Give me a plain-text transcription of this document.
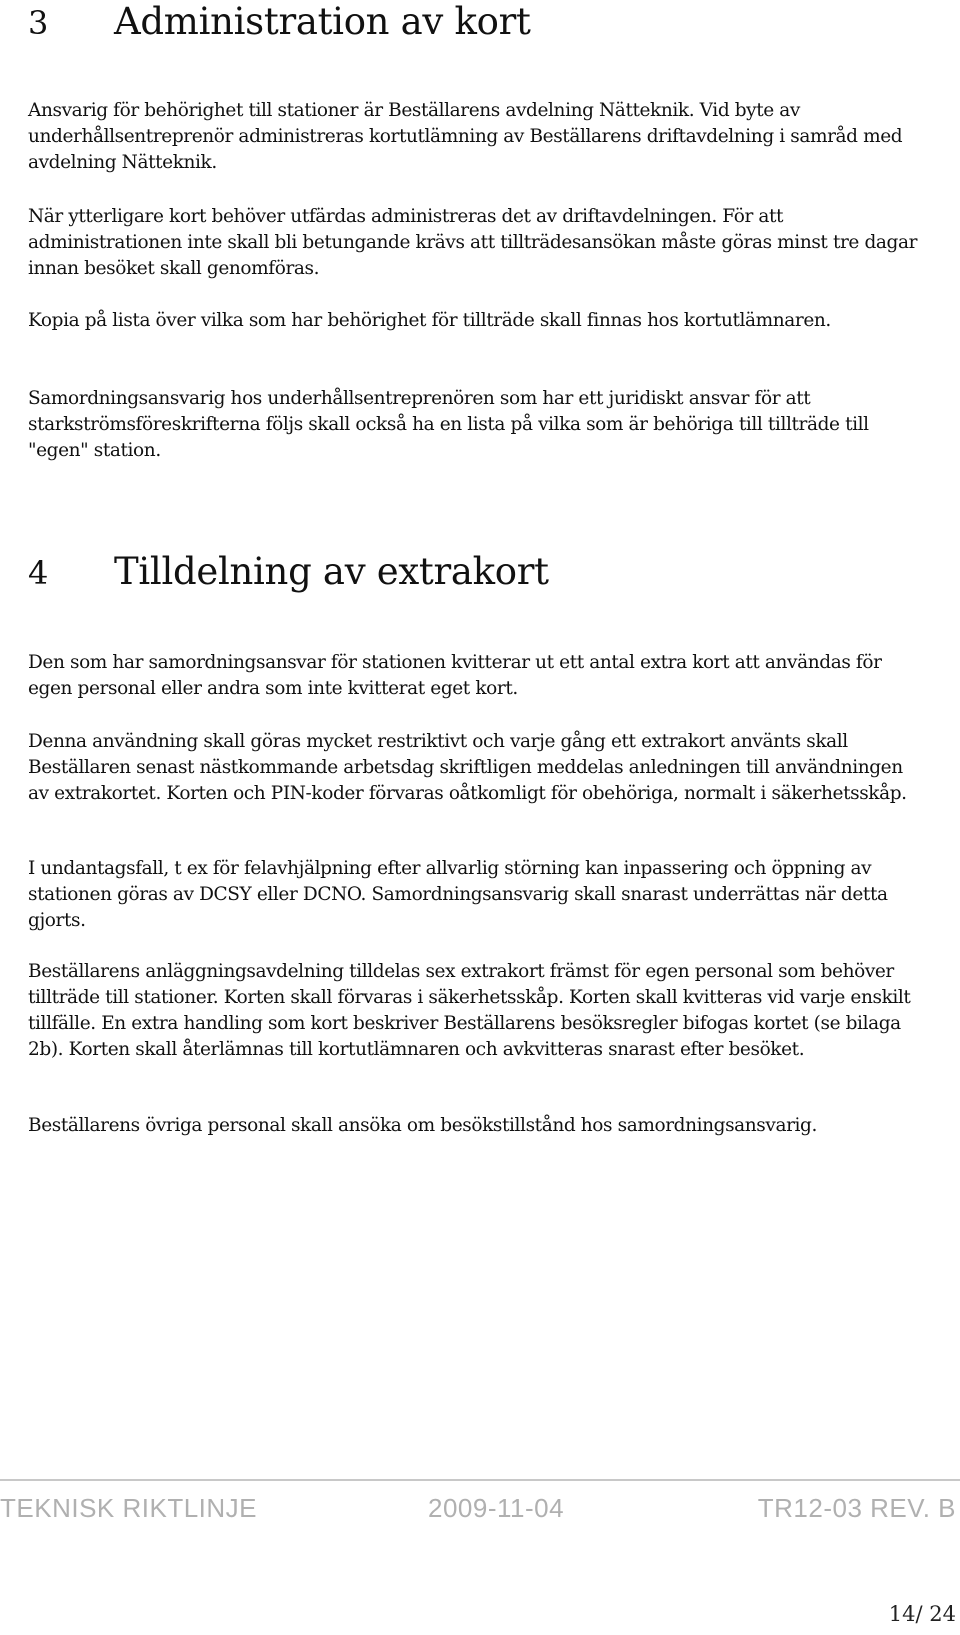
3	Administration av kort

Ansvarig för behörighet till stationer är Beställarens avdelning Nätteknik. Vid byte av underhållsentreprenör administreras kortutlämning av Beställarens driftavdelning i samråd med avdelning Nätteknik.

När ytterligare kort behöver utfärdas administreras det av driftavdelningen. För att administrationen inte skall bli betungande krävs att tillträdesansökan måste göras minst tre dagar innan besöket skall genomföras.

Kopia på lista över vilka som har behörighet för tillträde skall finnas hos kortutlämnaren.

Samordningsansvarig hos underhållsentreprenören som har ett juridiskt ansvar för att starkströmsföreskrifterna följs skall också ha en lista på vilka som är behöriga till tillträde till "egen" station.

4	Tilldelning av extrakort

Den som har samordningsansvar för stationen kvitterar ut ett antal extra kort att användas för egen personal eller andra som inte kvitterat eget kort.

Denna användning skall göras mycket restriktivt och varje gång ett extrakort använts skall Beställaren senast nästkommande arbetsdag skriftligen meddelas anledningen till användningen av extrakortet. Korten och PIN-koder förvaras oåtkomligt för obehöriga, normalt i säkerhetsskåp.

I undantagsfall, t ex för felavhjälpning efter allvarlig störning kan inpassering och öppning av stationen göras av DCSY eller DCNO. Samordningsansvarig skall snarast underrättas när detta gjorts.

Beställarens anläggningsavdelning tilldelas sex extrakort främst för egen personal som behöver tillträde till stationer. Korten skall förvaras i säkerhetsskåp. Korten skall kvitteras vid varje enskilt tillfälle. En extra handling som kort beskriver Beställarens besöksregler bifogas kortet (se bilaga 2b). Korten skall återlämnas till kortutlämnaren och avkvitteras snarast efter besöket.

Beställarens övriga personal skall ansöka om besökstillstånd hos samordningsansvarig.

TEKNISK RIKTLINJE	2009-11-04	TR12-03 REV. B

14/ 24
